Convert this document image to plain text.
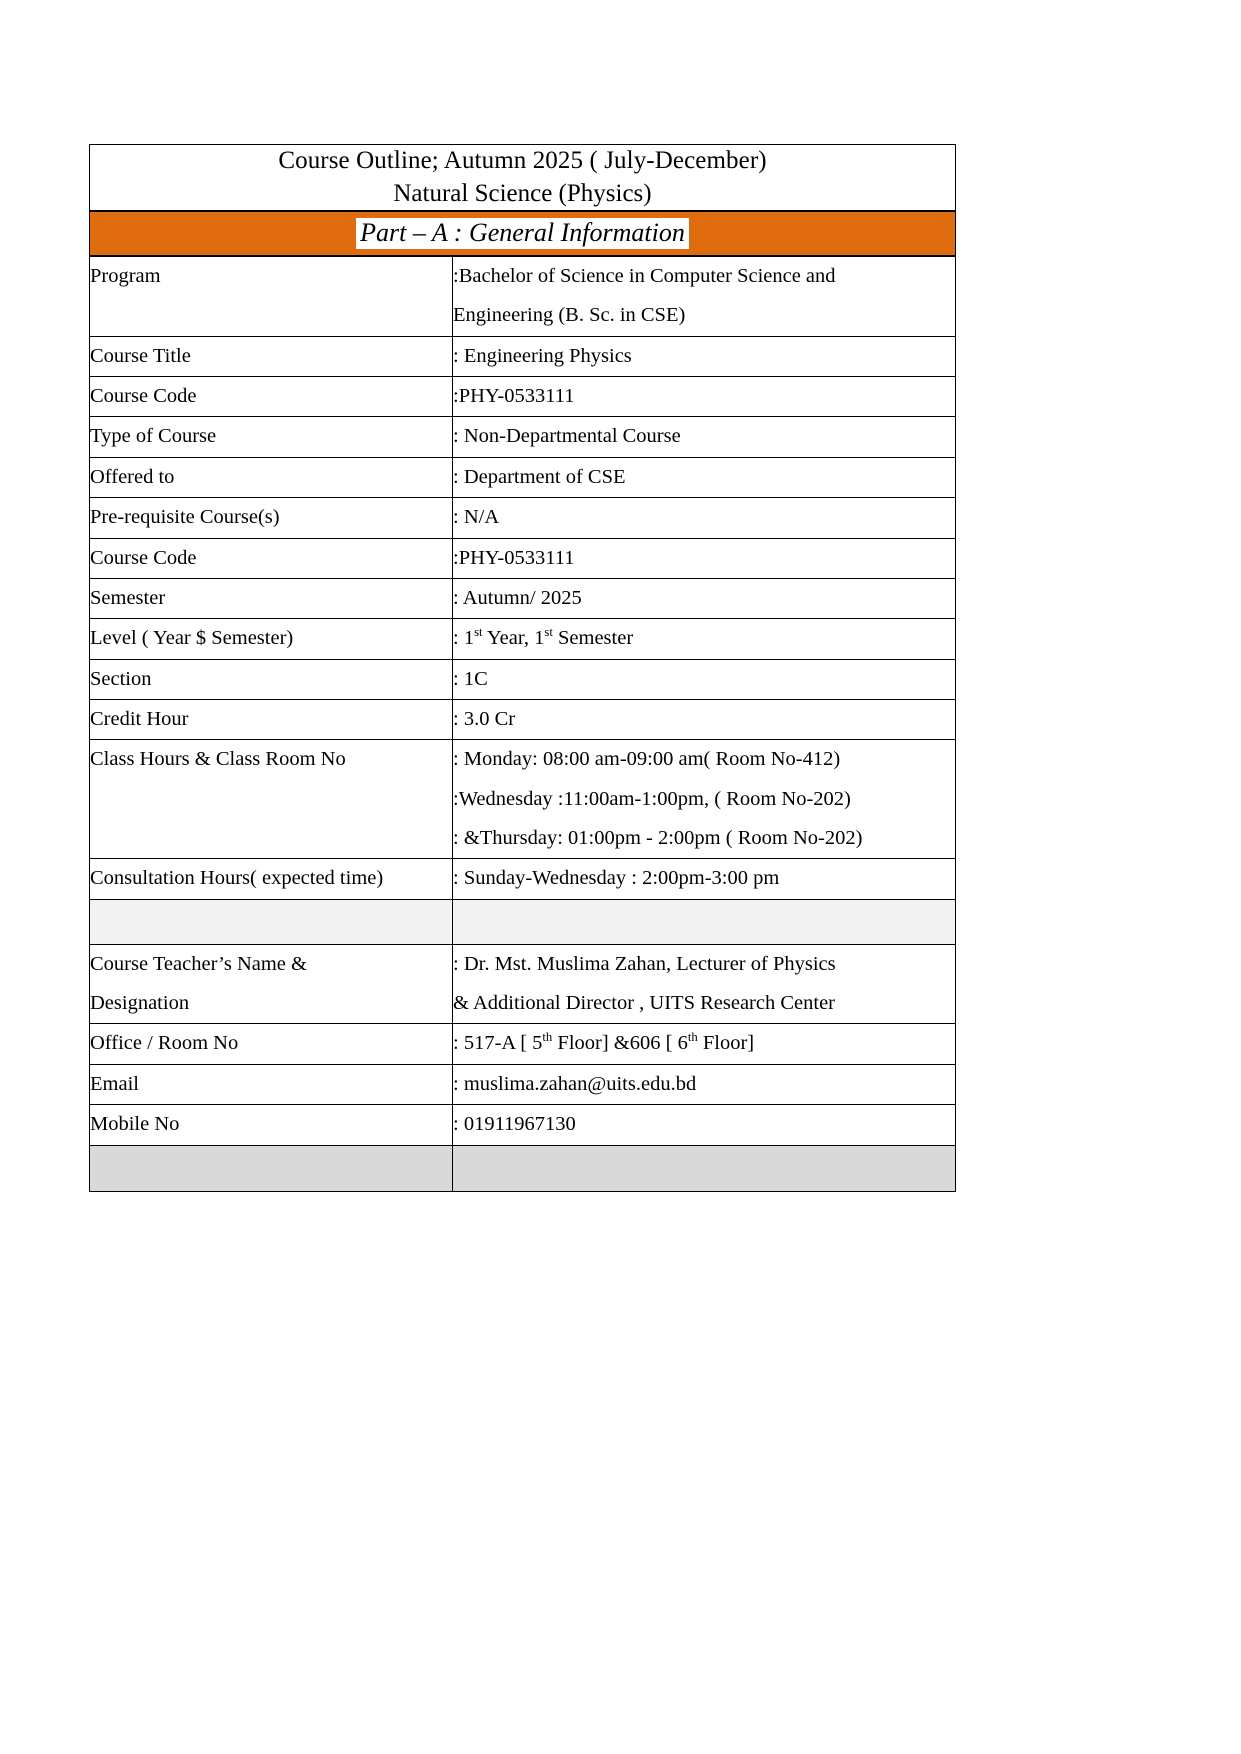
Course Outline; Autumn 2025 ( July-December)
Natural Science (Physics)	

Part – A : General Information	

Program	:Bachelor of Science in Computer Science and
Engineering (B. Sc. in CSE)

Course Title	: Engineering Physics
Course Code	:PHY-0533111
Type of Course	: Non-Departmental Course
Offered to	: Department of CSE
Pre-requisite Course(s)	: N/A
Course Code	:PHY-0533111
Semester	: Autumn/ 2025
Level ( Year $ Semester)	: 1st Year, 1st Semester
Section	: 1C
Credit Hour	: 3.0 Cr
Class Hours & Class Room No	: Monday: 08:00 am-09:00 am( Room No-412)
:Wednesday :11:00am-1:00pm, ( Room No-202)
: &Thursday: 01:00pm - 2:00pm ( Room No-202)

Consultation Hours( expected time)	: Sunday-Wednesday : 2:00pm-3:00 pm

Course Teacher’s Name &
Designation	: Dr. Mst. Muslima Zahan, Lecturer of Physics
& Additional Director , UITS Research Center

Office / Room No	: 517-A [ 5th Floor] &606 [ 6th Floor]
Email	: muslima.zahan@uits.edu.bd
Mobile No	: 01911967130
